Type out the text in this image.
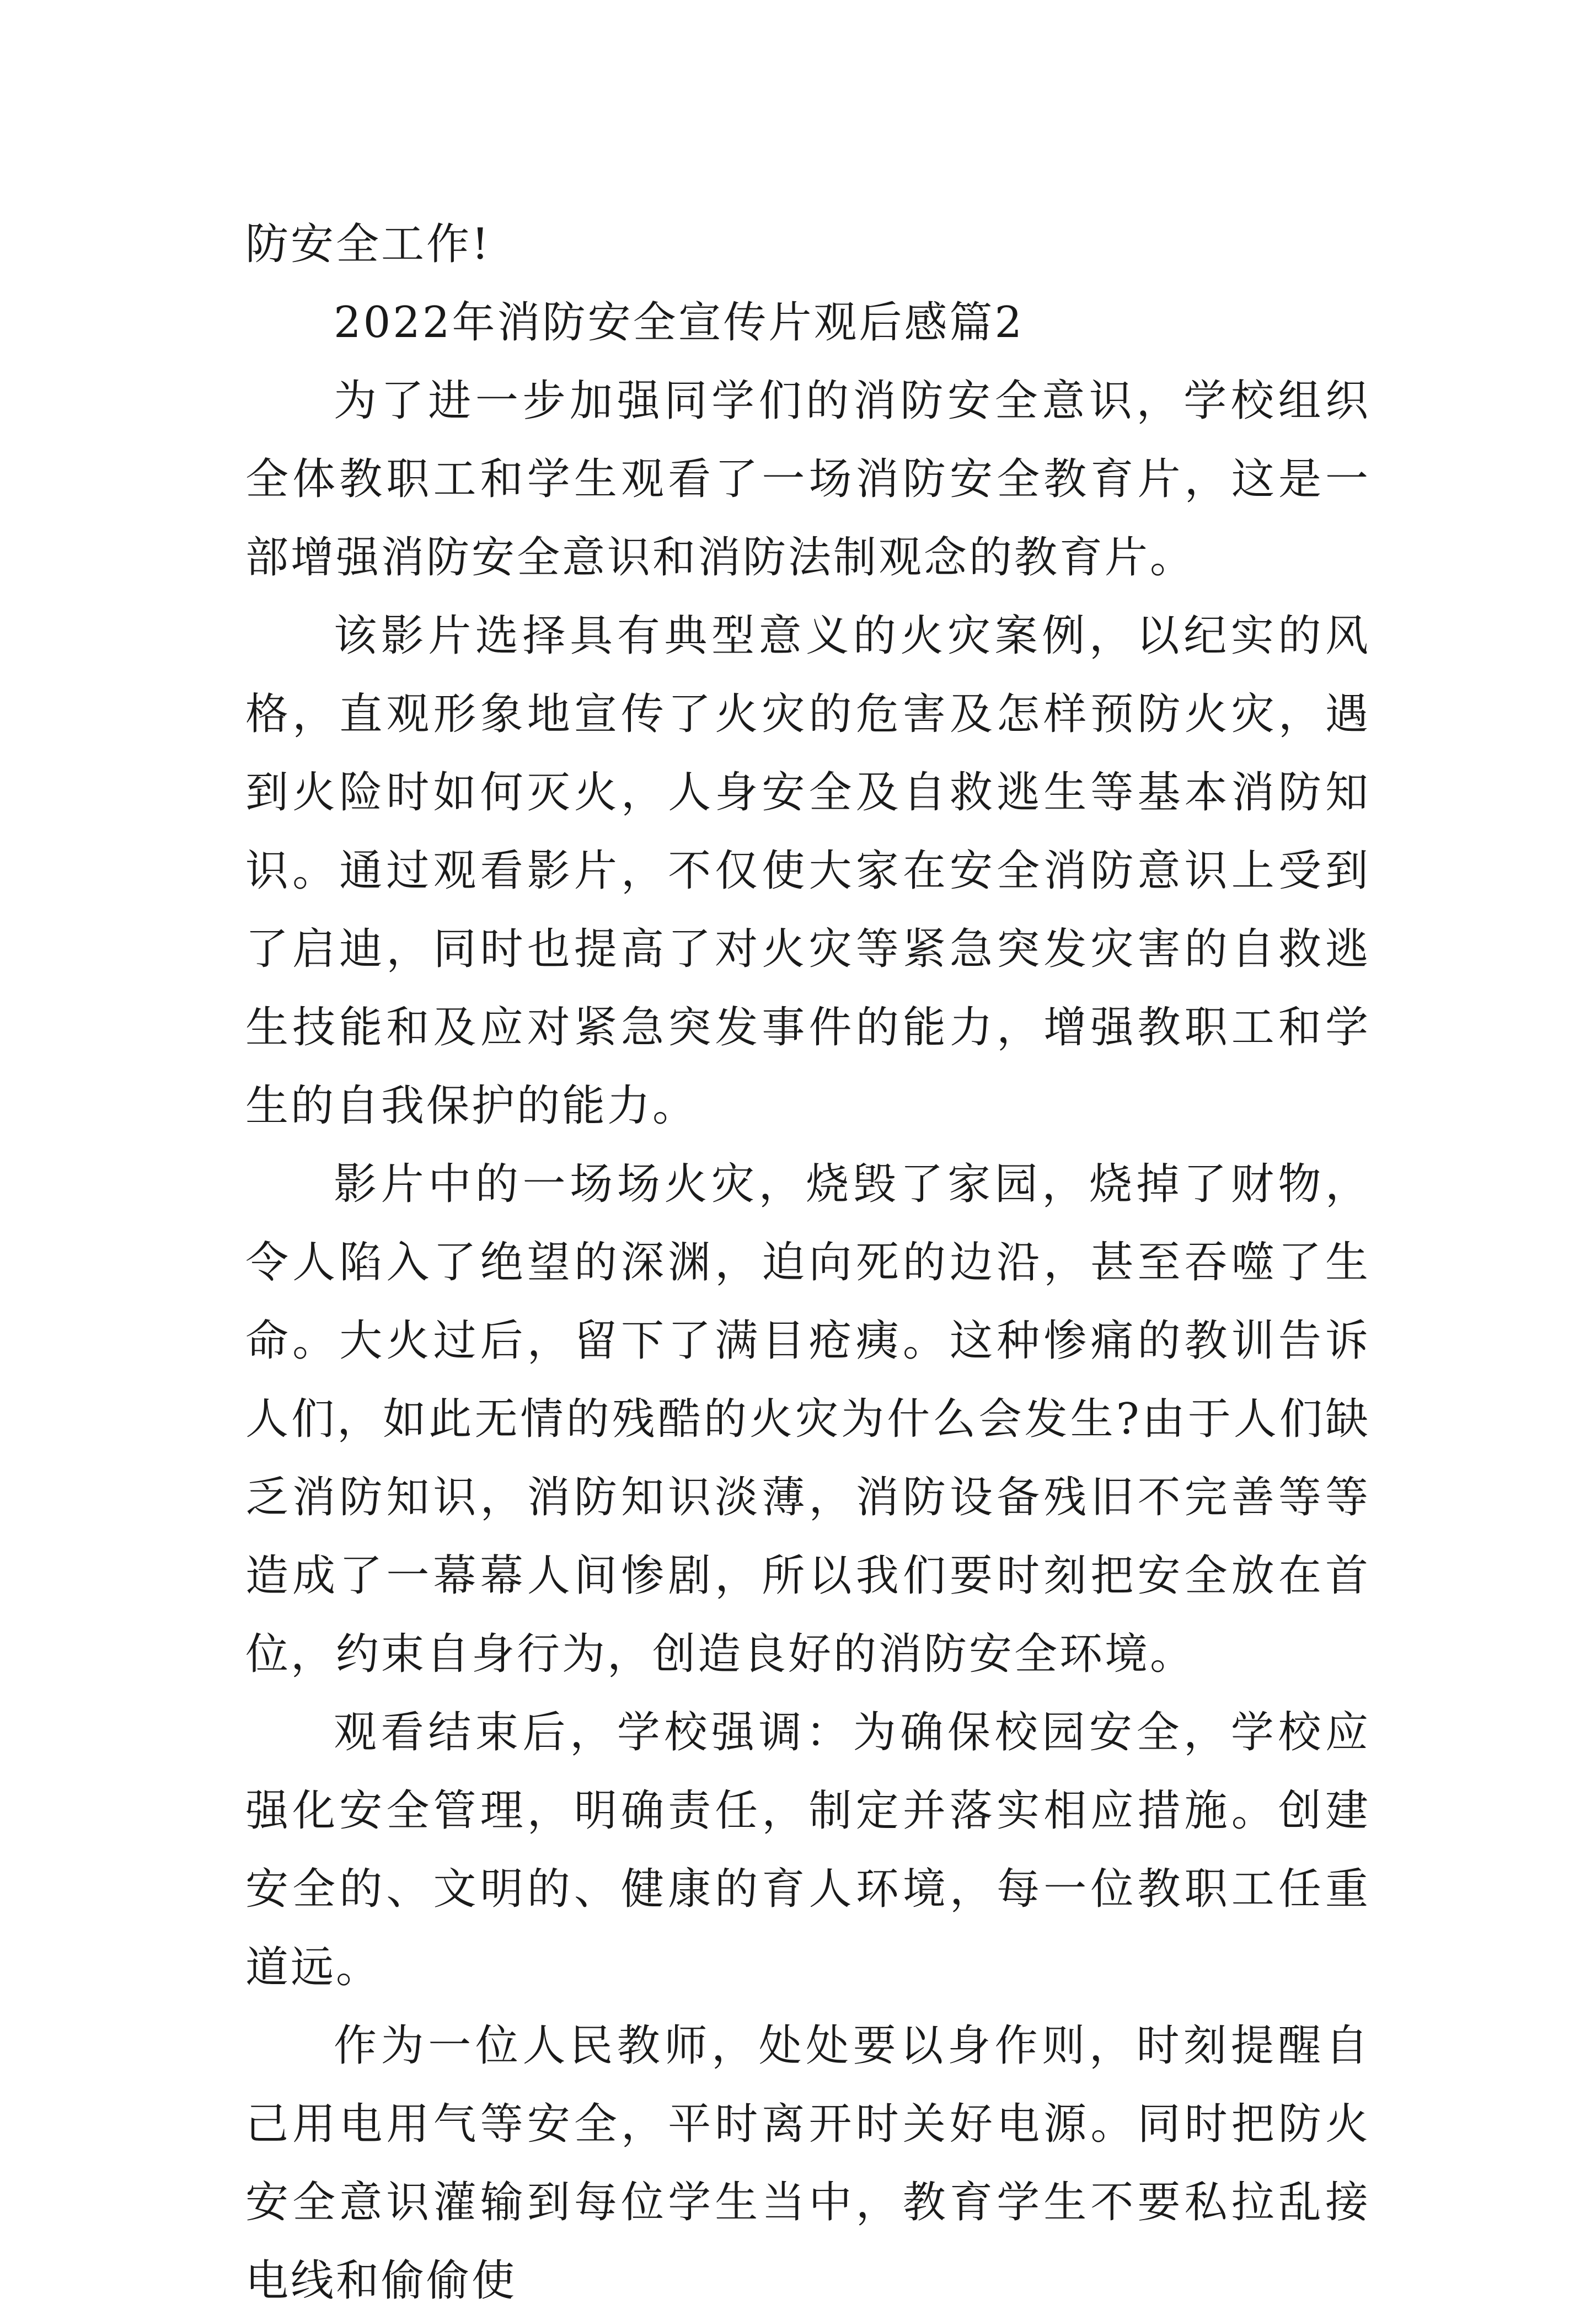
防安全工作!

2022年消防安全宣传片观后感篇2

为了进一步加强同学们的消防安全意识，学校组织全体教职工和学生观看了一场消防安全教育片，这是一部增强消防安全意识和消防法制观念的教育片。

该影片选择具有典型意义的火灾案例，以纪实的风格，直观形象地宣传了火灾的危害及怎样预防火灾，遇到火险时如何灭火，人身安全及自救逃生等基本消防知识。通过观看影片，不仅使大家在安全消防意识上受到了启迪，同时也提高了对火灾等紧急突发灾害的自救逃生技能和及应对紧急突发事件的能力，增强教职工和学生的自我保护的能力。

影片中的一场场火灾，烧毁了家园，烧掉了财物，令人陷入了绝望的深渊，迫向死的边沿，甚至吞噬了生命。大火过后，留下了满目疮痍。这种惨痛的教训告诉人们，如此无情的残酷的火灾为什么会发生?由于人们缺乏消防知识，消防知识淡薄，消防设备残旧不完善等等造成了一幕幕人间惨剧，所以我们要时刻把安全放在首位，约束自身行为，创造良好的消防安全环境。

观看结束后，学校强调：为确保校园安全，学校应强化安全管理，明确责任，制定并落实相应措施。创建安全的、文明的、健康的育人环境，每一位教职工任重道远。

作为一位人民教师，处处要以身作则，时刻提醒自己用电用气等安全，平时离开时关好电源。同时把防火安全意识灌输到每位学生当中，教育学生不要私拉乱接电线和偷偷使
